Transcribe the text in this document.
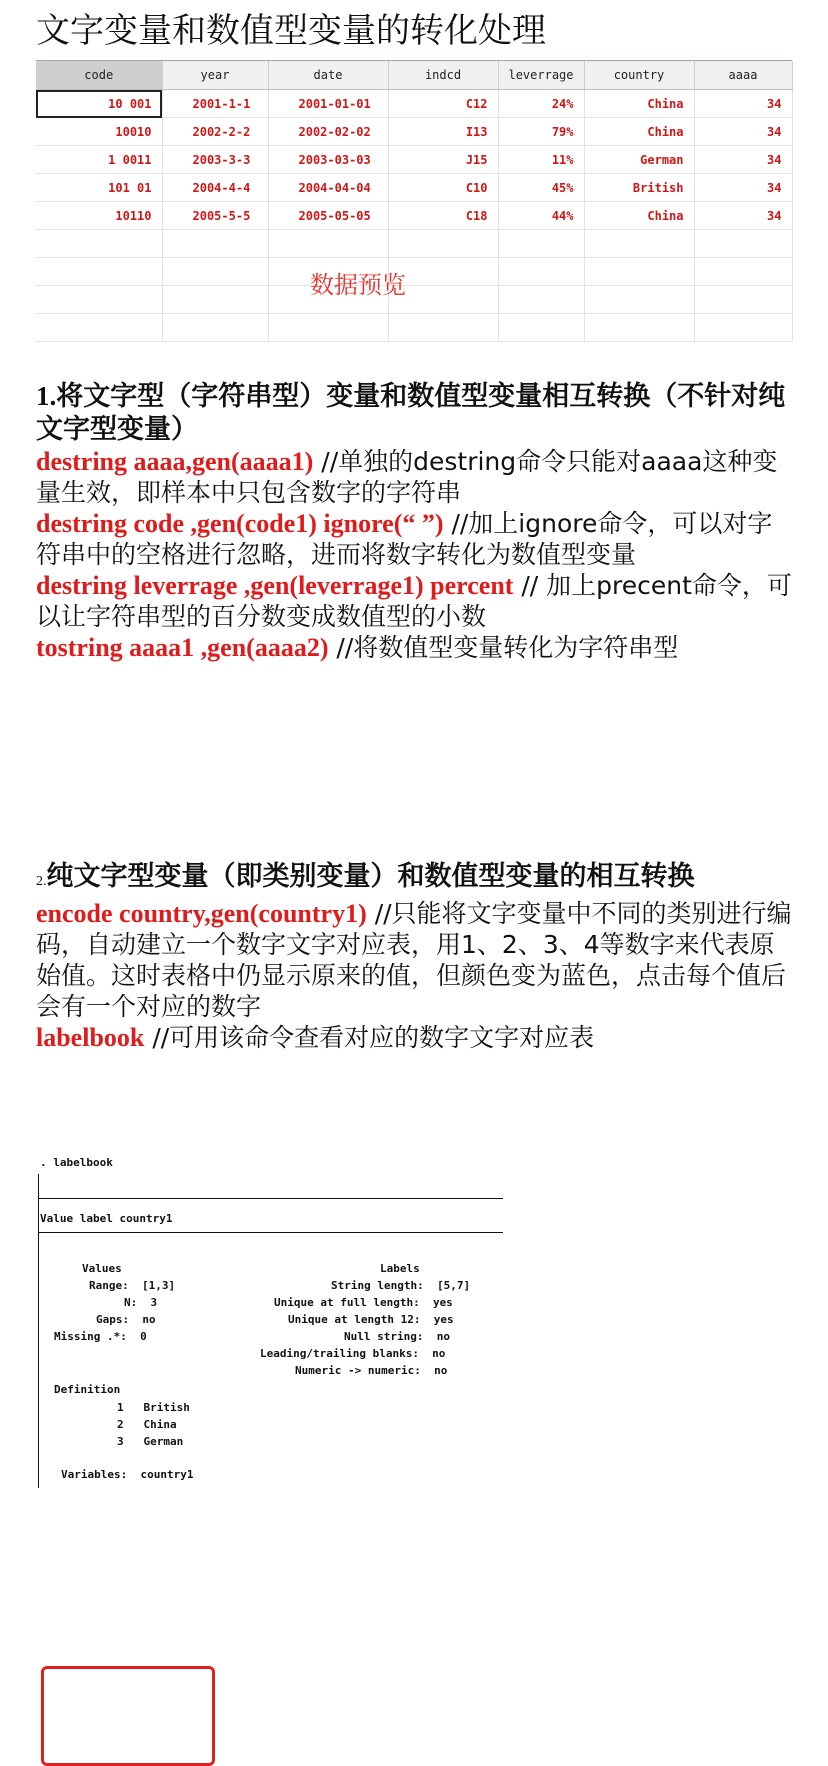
文字变量和数值型变量的转化处理
code	year	date	indcd	leverrage	country	aaaa
10 001	2001-1-1	2001-01-01	C12	24%	China	34
10010	2002-2-2	2002-02-02	I13	79%	China	34
1 0011	2003-3-3	2003-03-03	J15	11%	German	34
101 01	2004-4-4	2004-04-04	C10	45%	British	34
10110	2005-5-5	2005-05-05	C18	44%	China	34

数据预览
1.将文字型（字符串型）变量和数值型变量相互转换（不针对纯文字型变量）
destring aaaa,gen(aaaa1) //单独的destring命令只能对aaaa这种变量生效，即样本中只包含数字的字符串
destring code ,gen(code1) ignore(“ ”) //加上ignore命令，可以对字符串中的空格进行忽略，进而将数字转化为数值型变量
destring leverrage ,gen(leverrage1) percent // 加上precent命令，可以让字符串型的百分数变成数值型的小数
tostring aaaa1 ,gen(aaaa2) //将数值型变量转化为字符串型
2.纯文字型变量（即类别变量）和数值型变量的相互转换
encode country,gen(country1) //只能将文字变量中不同的类别进行编码，自动建立一个数字文字对应表，用1、2、3、4等数字来代表原始值。这时表格中仍显示原来的值，但颜色变为蓝色，点击每个值后会有一个对应的数字
labelbook //可用该命令查看对应的数字文字对应表
. labelbook
Value label country1
Values	Labels
Range:  [1,3]
N:  3
Gaps:  no
Missing .*:  0
String length:  [5,7]
Unique at full length:  yes
Unique at length 12:  yes
Null string:  no
Leading/trailing blanks:  no
Numeric -> numeric:  no
Definition
1   British
2   China
3   German
Variables:  country1
